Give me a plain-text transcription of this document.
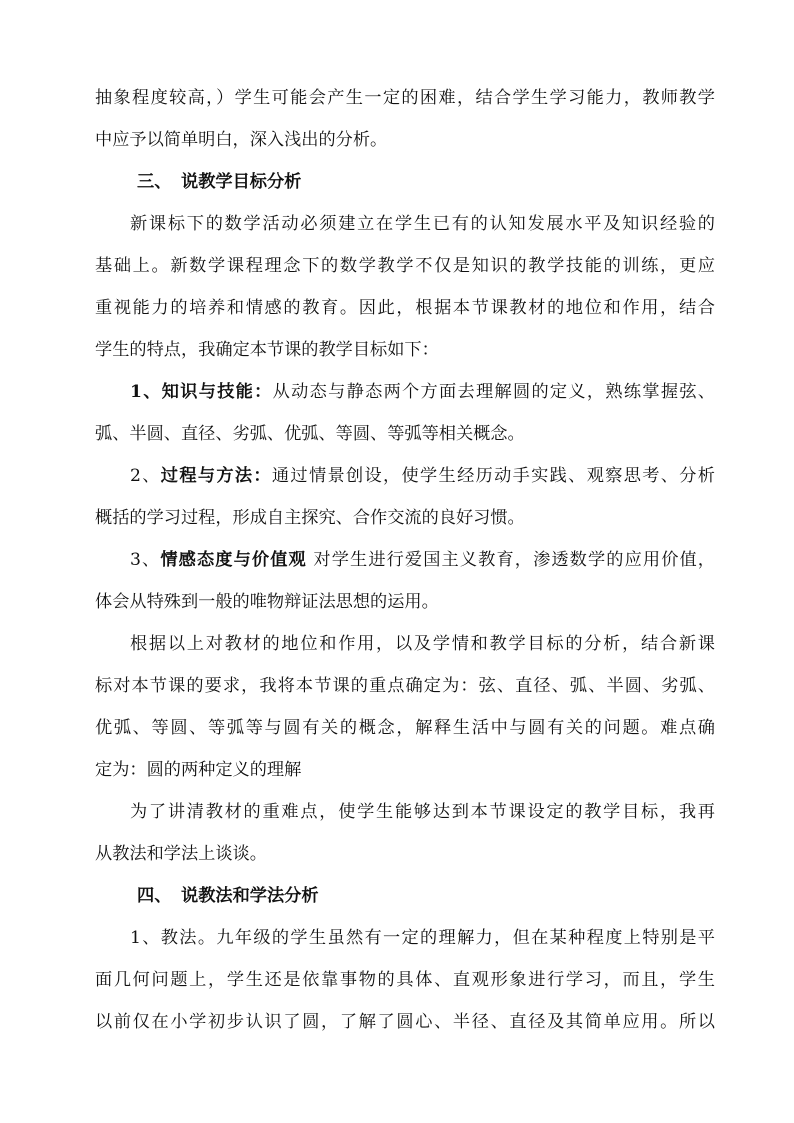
抽象程度较高，）学生可能会产生一定的困难，结合学生学习能力，教师教学
中应予以简单明白，深入浅出的分析。
三、 说教学目标分析
新课标下的数学活动必须建立在学生已有的认知发展水平及知识经验的
基础上。新数学课程理念下的数学教学不仅是知识的教学技能的训练，更应
重视能力的培养和情感的教育。因此，根据本节课教材的地位和作用，结合
学生的特点，我确定本节课的教学目标如下：
1、知识与技能：从动态与静态两个方面去理解圆的定义，熟练掌握弦、
弧、半圆、直径、劣弧、优弧、等圆、等弧等相关概念。
2、过程与方法：通过情景创设，使学生经历动手实践、观察思考、分析
概括的学习过程，形成自主探究、合作交流的良好习惯。
3、情感态度与价值观 对学生进行爱国主义教育，渗透数学的应用价值，
体会从特殊到一般的唯物辩证法思想的运用。
根据以上对教材的地位和作用，以及学情和教学目标的分析，结合新课
标对本节课的要求，我将本节课的重点确定为：弦、直径、弧、半圆、劣弧、
优弧、等圆、等弧等与圆有关的概念，解释生活中与圆有关的问题。难点确
定为：圆的两种定义的理解
为了讲清教材的重难点，使学生能够达到本节课设定的教学目标，我再
从教法和学法上谈谈。
四、 说教法和学法分析
1、教法。九年级的学生虽然有一定的理解力，但在某种程度上特别是平
面几何问题上，学生还是依靠事物的具体、直观形象进行学习，而且，学生
以前仅在小学初步认识了圆，了解了圆心、半径、直径及其简单应用。所以
